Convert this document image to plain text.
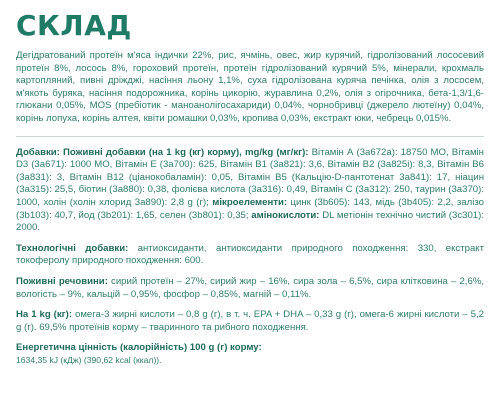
СКЛАД

Дегідратований протеїн м'яса індички 22%, рис, ячмінь, овес, жир курячий, гідролізований лососевий протеїн 8%, лосось 8%, гороховий протеїн, протеїн гідролізований курячий 5%, мінерали, крохмаль картопляний, пивні дріжджі, насіння льону 1,1%, суха гідролізована куряча печінка, олія з лососем, м'якоть буряка, насіння подорожника, корінь цикорію, журавлина 0,2%, олія з огірочника, бета-1,3/1,6-глюкани 0,05%, MOS (пребіотик - маноанолігосахариди) 0,04%, чорнобривці (джерело лютеїну) 0,04%, корінь лопуха, корінь алтея, квіти ромашки 0,03%, кропива 0,03%, екстракт юки, чебрець 0,015%.

Добавки: Поживні добавки (на 1 kg (кг) корму), mg/kg (мг/кг): Вітамін А (3a672a): 18750 МО, Вітамін D3 (3a671): 1000 МО, Вітамін Е (3a700): 625, Вітамін В1 (3a821): 3,6, Вітамін В2 (3a825i): 8,3, Вітамін В6 (3a831): 3, Вітамін В12 (ціанокобаламін): 0,05, Вітамін В5 (Кальцію-D-пантотенат 3a841): 17, ніацин (3a315): 25,5, біотин (3a880): 0,38, фолієва кислота (3a316): 0,49, Вітамін С (3a312): 250, таурин (3a370): 1000, холін (холін хлорид 3a890): 2,8 g (г); мікроелементи: цинк (3b605): 143, мідь (3b405): 2,2, залізо (3b103): 40,7, йод (3b201): 1,65, селен (3b801): 0,35; амінокислоти: DL метіонін технічно чистий (3c301): 2000.
Технологічні добавки: антиоксиданти, антиоксиданти природного походження: 330, екстракт токоферолу природного походження: 600.
Поживні речовини: сирий протеїн – 27%, сирий жир – 16%, сира зола – 6,5%, сира клітковина – 2,6%, вологість – 9%, кальцій – 0,95%, фосфор – 0,85%, магній – 0,11%.
На 1 kg (кг): омега-3 жирні кислоти – 0,8 g (г), в т. ч. EPA + DHA – 0,33 g (г), омега-6 жирні кислоти – 5,2 g (г). 69,5% протеїнів корму – тваринного та рибного походження.
Енергетична цінність (калорійність) 100 g (г) корму:
1634,35 kJ (кДж) (390,62 kcal (ккал)).
